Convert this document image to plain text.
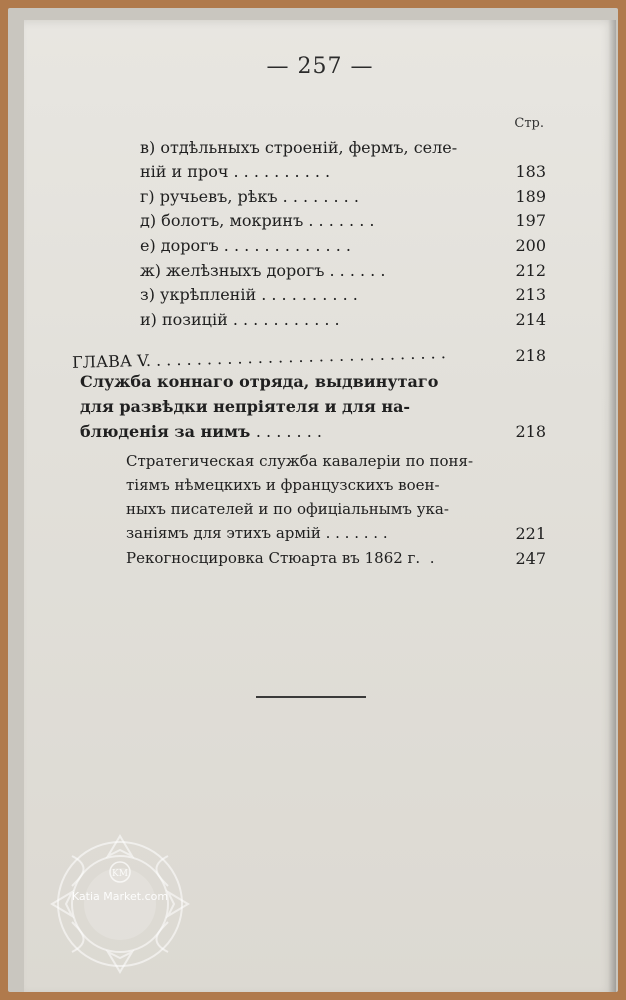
— 257 —
Стр.
в) отдѣльныхъ строеній, фермъ, селе-
ній и проч . . . . . . . . . .	183
г) ручьевъ, рѣкъ . . . . . . . .	189
д) болотъ, мокринъ . . . . . . .	197
е) дорогъ . . . . . . . . . . . . .	200
ж) желѣзныхъ дорогъ . . . . . .	212
з) укрѣпленій . . . . . . . . . .	213
и) позицій . . . . . . . . . . .	214
ГЛАВА V. . . . . . . . . . . . . . . . . . . . . . . . . . . . . .	218
Служба коннаго отряда, выдвинутаго
для развѣдки непріятеля и для на-
блюденія за нимъ . . . . . . .	218
Стратегическая служба кавалеріи по поня-
тіямъ нѣмецкихъ и французскихъ воен-
ныхъ писателей и по офиціальнымъ ука-
заніямъ для этихъ армій . . . . . . .	221
Рекогносцировка Стюарта въ 1862 г.  .	247
KM
Katia Market.com
